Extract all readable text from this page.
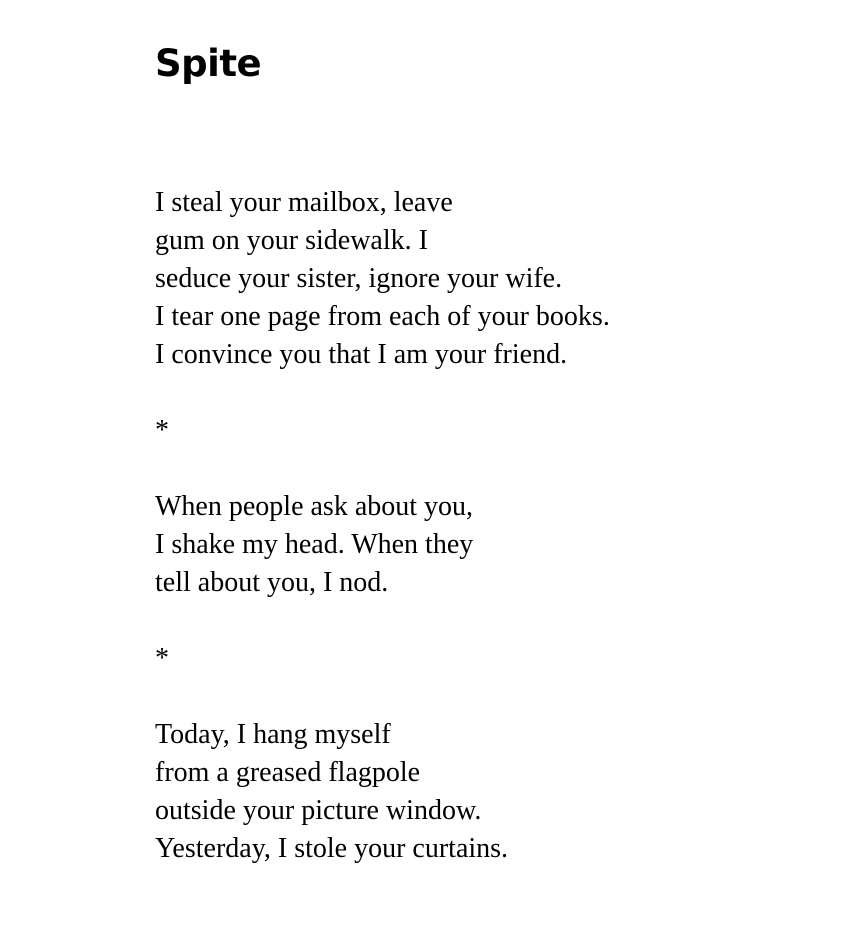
Spite

I steal your mailbox, leave
gum on your sidewalk. I
seduce your sister, ignore your wife.
I tear one page from each of your books.
I convince you that I am your friend.

*

When people ask about you,
I shake my head. When they
tell about you, I nod.

*

Today, I hang myself
from a greased flagpole
outside your picture window.
Yesterday, I stole your curtains.
